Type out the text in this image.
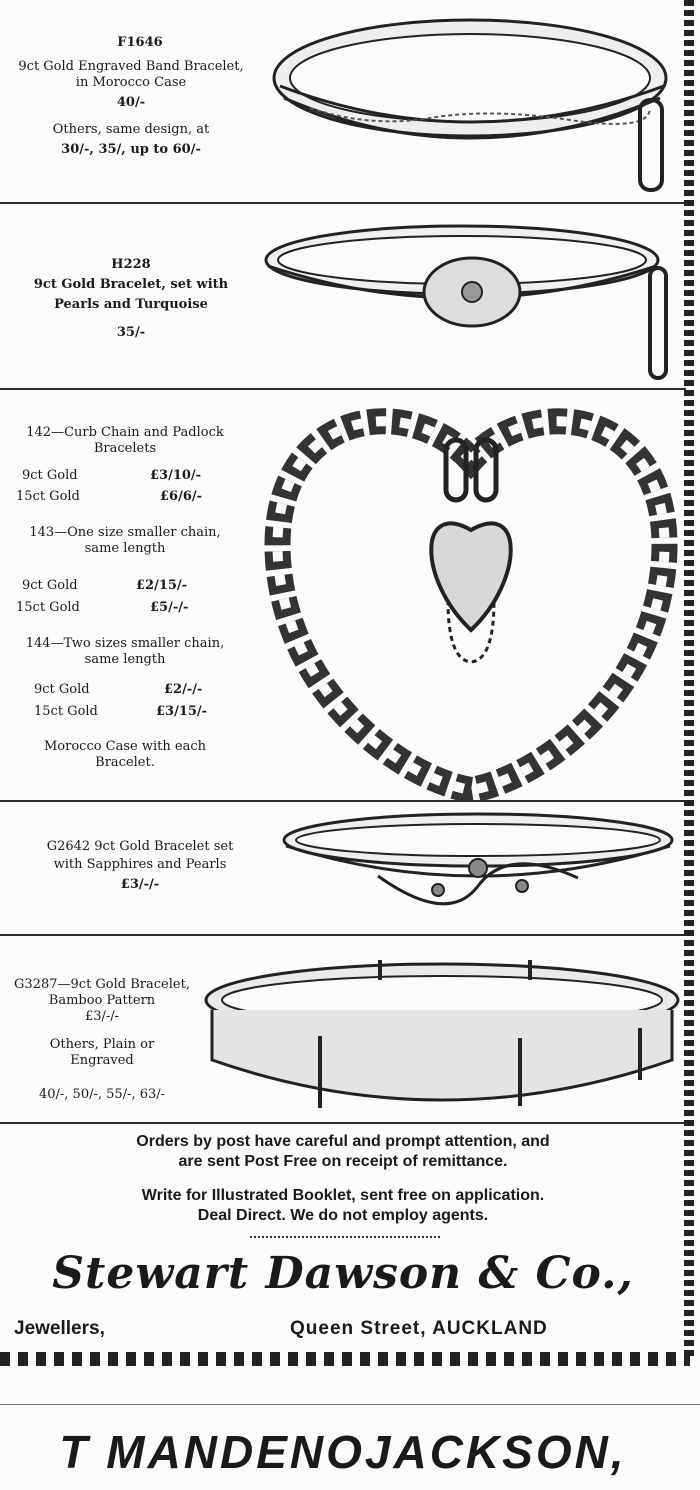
F1646
9ct Gold Engraved Band Bracelet,
in Morocco Case
40/-
Others, same design, at
30/-, 35/, up to 60/-
H228
9ct Gold Bracelet, set with
Pearls and Turquoise
35/-
142—Curb Chain and Padlock
Bracelets
9ct Gold	£3/10/-
15ct Gold	£6/6/-
143—One size smaller chain,
same length
9ct Gold	£2/15/-
15ct Gold	£5/-/-
144—Two sizes smaller chain,
same length
9ct Gold	£2/-/-
15ct Gold	£3/15/-
Morocco Case with each
Bracelet.
G2642 9ct Gold Bracelet set
with Sapphires and Pearls
£3/-/-
G3287—9ct Gold Bracelet,
Bamboo Pattern
£3/-/-
Others, Plain or
Engraved
40/-, 50/-, 55/-, 63/-
Orders by post have careful and prompt attention, and
are sent Post Free on receipt of remittance.
Write for Illustrated Booklet, sent free on application.
Deal Direct. We do not employ agents.
Stewart Dawson & Co.,
Jewellers,	Queen Street, AUCKLAND
T MANDENOJACKSON,
